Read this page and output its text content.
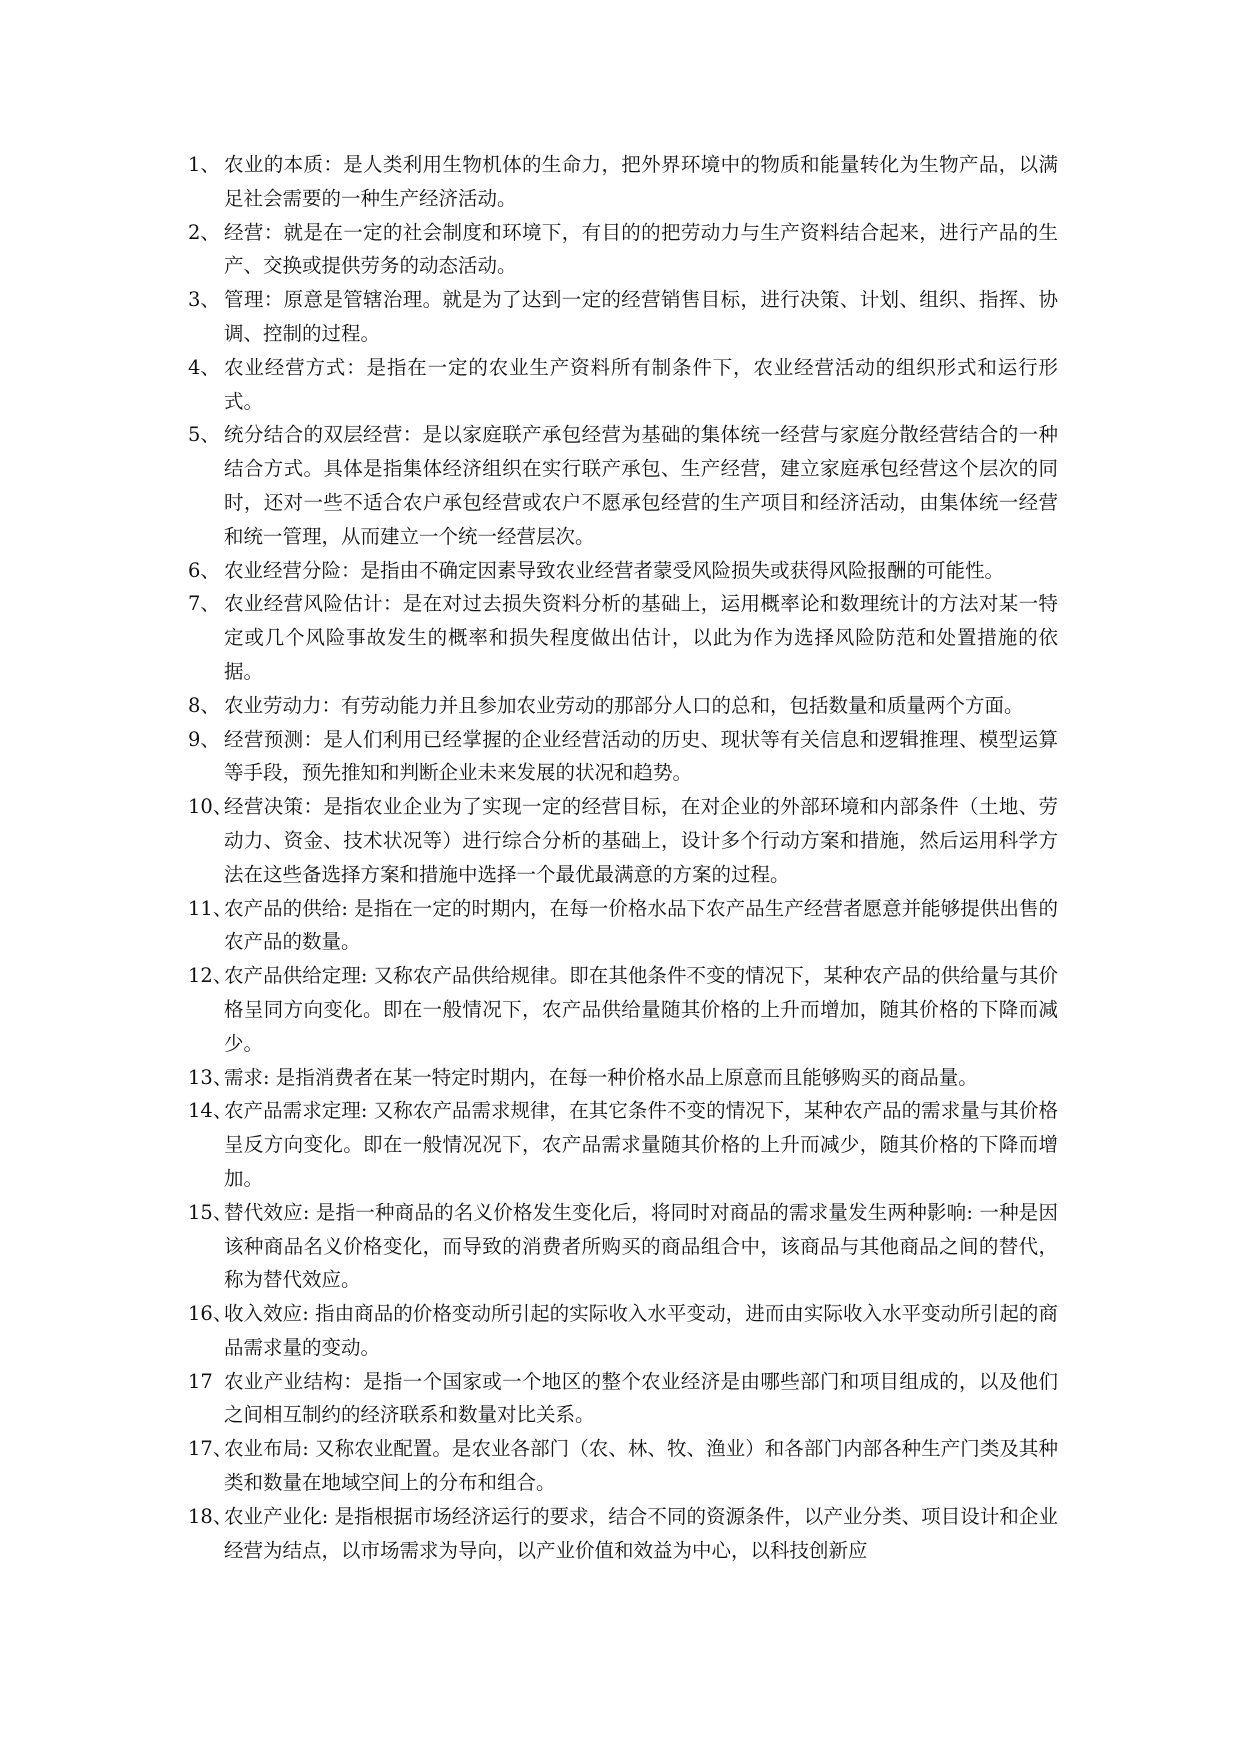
1、 农业的本质：是人类利用生物机体的生命力，把外界环境中的物质和能量转化为生物产品，以满足社会需要的一种生产经济活动。
2、 经营：就是在一定的社会制度和环境下，有目的的把劳动力与生产资料结合起来，进行产品的生产、交换或提供劳务的动态活动。
3、 管理：原意是管辖治理。就是为了达到一定的经营销售目标，进行决策、计划、组织、指挥、协调、控制的过程。
4、 农业经营方式：是指在一定的农业生产资料所有制条件下，农业经营活动的组织形式和运行形式。
5、 统分结合的双层经营：是以家庭联产承包经营为基础的集体统一经营与家庭分散经营结合的一种结合方式。具体是指集体经济组织在实行联产承包、生产经营，建立家庭承包经营这个层次的同时，还对一些不适合农户承包经营或农户不愿承包经营的生产项目和经济活动，由集体统一经营和统一管理，从而建立一个统一经营层次。
6、 农业经营分险：是指由不确定因素导致农业经营者蒙受风险损失或获得风险报酬的可能性。
7、 农业经营风险估计：是在对过去损失资料分析的基础上，运用概率论和数理统计的方法对某一特定或几个风险事故发生的概率和损失程度做出估计，以此为作为选择风险防范和处置措施的依据。
8、 农业劳动力：有劳动能力并且参加农业劳动的那部分人口的总和，包括数量和质量两个方面。
9、 经营预测：是人们利用已经掌握的企业经营活动的历史、现状等有关信息和逻辑推理、模型运算等手段，预先推知和判断企业未来发展的状况和趋势。
10、
经营决策：是指农业企业为了实现一定的经营目标，在对企业的外部环境和内部条件（土地、劳动力、资金、技术状况等）进行综合分析的基础上，设计多个行动方案和措施，然后运用科学方法在这些备选择方案和措施中选择一个最优最满意的方案的过程。
11、
农产品的供给: 是指在一定的时期内，在每一价格水品下农产品生产经营者愿意并能够提供出售的农产品的数量。
12、
农产品供给定理: 又称农产品供给规律。即在其他条件不变的情况下，某种农产品的供给量与其价格呈同方向变化。即在一般情况下，农产品供给量随其价格的上升而增加，随其价格的下降而减少。
13、
需求: 是指消费者在某一特定时期内，在每一种价格水品上原意而且能够购买的商品量。
14、
农产品需求定理: 又称农产品需求规律，在其它条件不变的情况下，某种农产品的需求量与其价格呈反方向变化。即在一般情况况下，农产品需求量随其价格的上升而减少，随其价格的下降而增加。
15、
替代效应: 是指一种商品的名义价格发生变化后，将同时对商品的需求量发生两种影响: 一种是因该种商品名义价格变化，而导致的消费者所购买的商品组合中，该商品与其他商品之间的替代，称为替代效应。
16、
收入效应: 指由商品的价格变动所引起的实际收入水平变动，进而由实际收入水平变动所引起的商品需求量的变动。
17 农业产业结构：是指一个国家或一个地区的整个农业经济是由哪些部门和项目组成的，以及他们之间相互制约的经济联系和数量对比关系。
17、
农业布局: 又称农业配置。是农业各部门（农、林、牧、渔业）和各部门内部各种生产门类及其种类和数量在地域空间上的分布和组合。
18、
农业产业化: 是指根据市场经济运行的要求，结合不同的资源条件，以产业分类、项目设计和企业经营为结点，以市场需求为导向，以产业价值和效益为中心，以科技创新应
